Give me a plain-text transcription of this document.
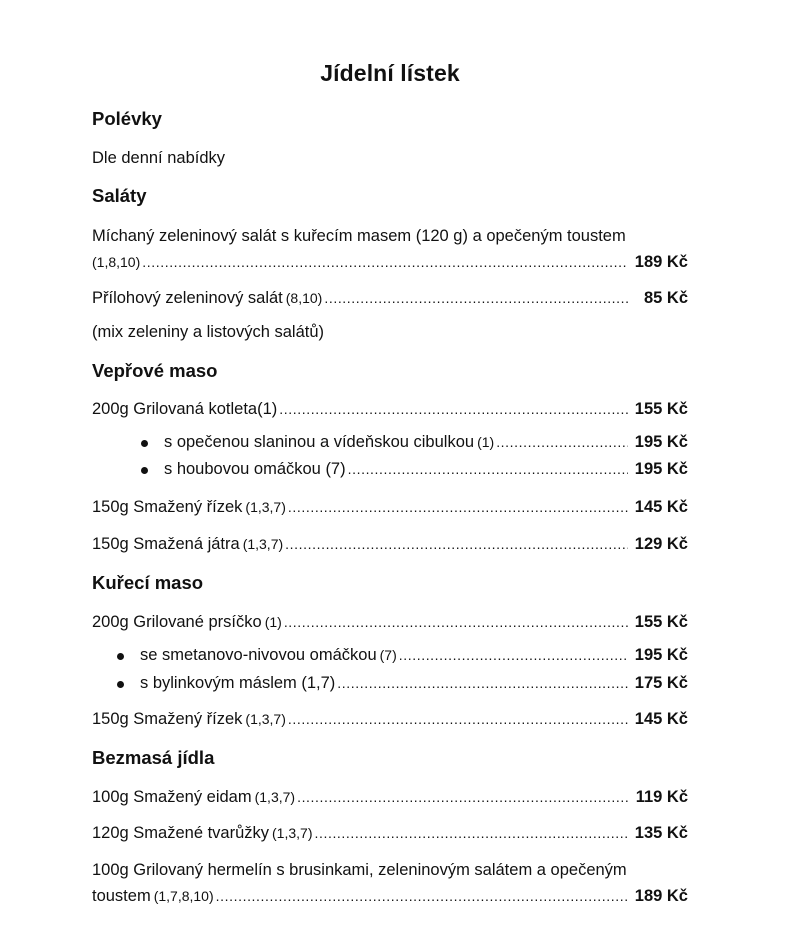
Jídelní lístek
Polévky
Dle denní nabídky
Saláty
Míchaný zeleninový salát s kuřecím masem (120 g) a opečeným toustem
(1,8,10) .....	189 Kč
Přílohový zeleninový salát (8,10) .....	85 Kč
(mix zeleniny a listových salátů)
Vepřové maso
200g Grilovaná kotleta(1) .....	155 Kč
s opečenou slaninou a vídeňskou cibulkou (1) .....	195 Kč
s houbovou omáčkou (7) .....	195 Kč
150g Smažený řízek (1,3,7) .....	145 Kč
150g Smažená játra (1,3,7) .....	129 Kč
Kuřecí maso
200g Grilované prsíčko (1) .....	155 Kč
se smetanovo-nivovou omáčkou (7) .....	195 Kč
s bylinkovým máslem (1,7) .....	175 Kč
150g Smažený řízek (1,3,7) .....	145 Kč
Bezmasá jídla
100g Smažený eidam (1,3,7) .....	119 Kč
120g Smažené tvarůžky (1,3,7) .....	135 Kč
100g Grilovaný hermelín s brusinkami, zeleninovým salátem a opečeným
toustem (1,7,8,10) .....	189 Kč
